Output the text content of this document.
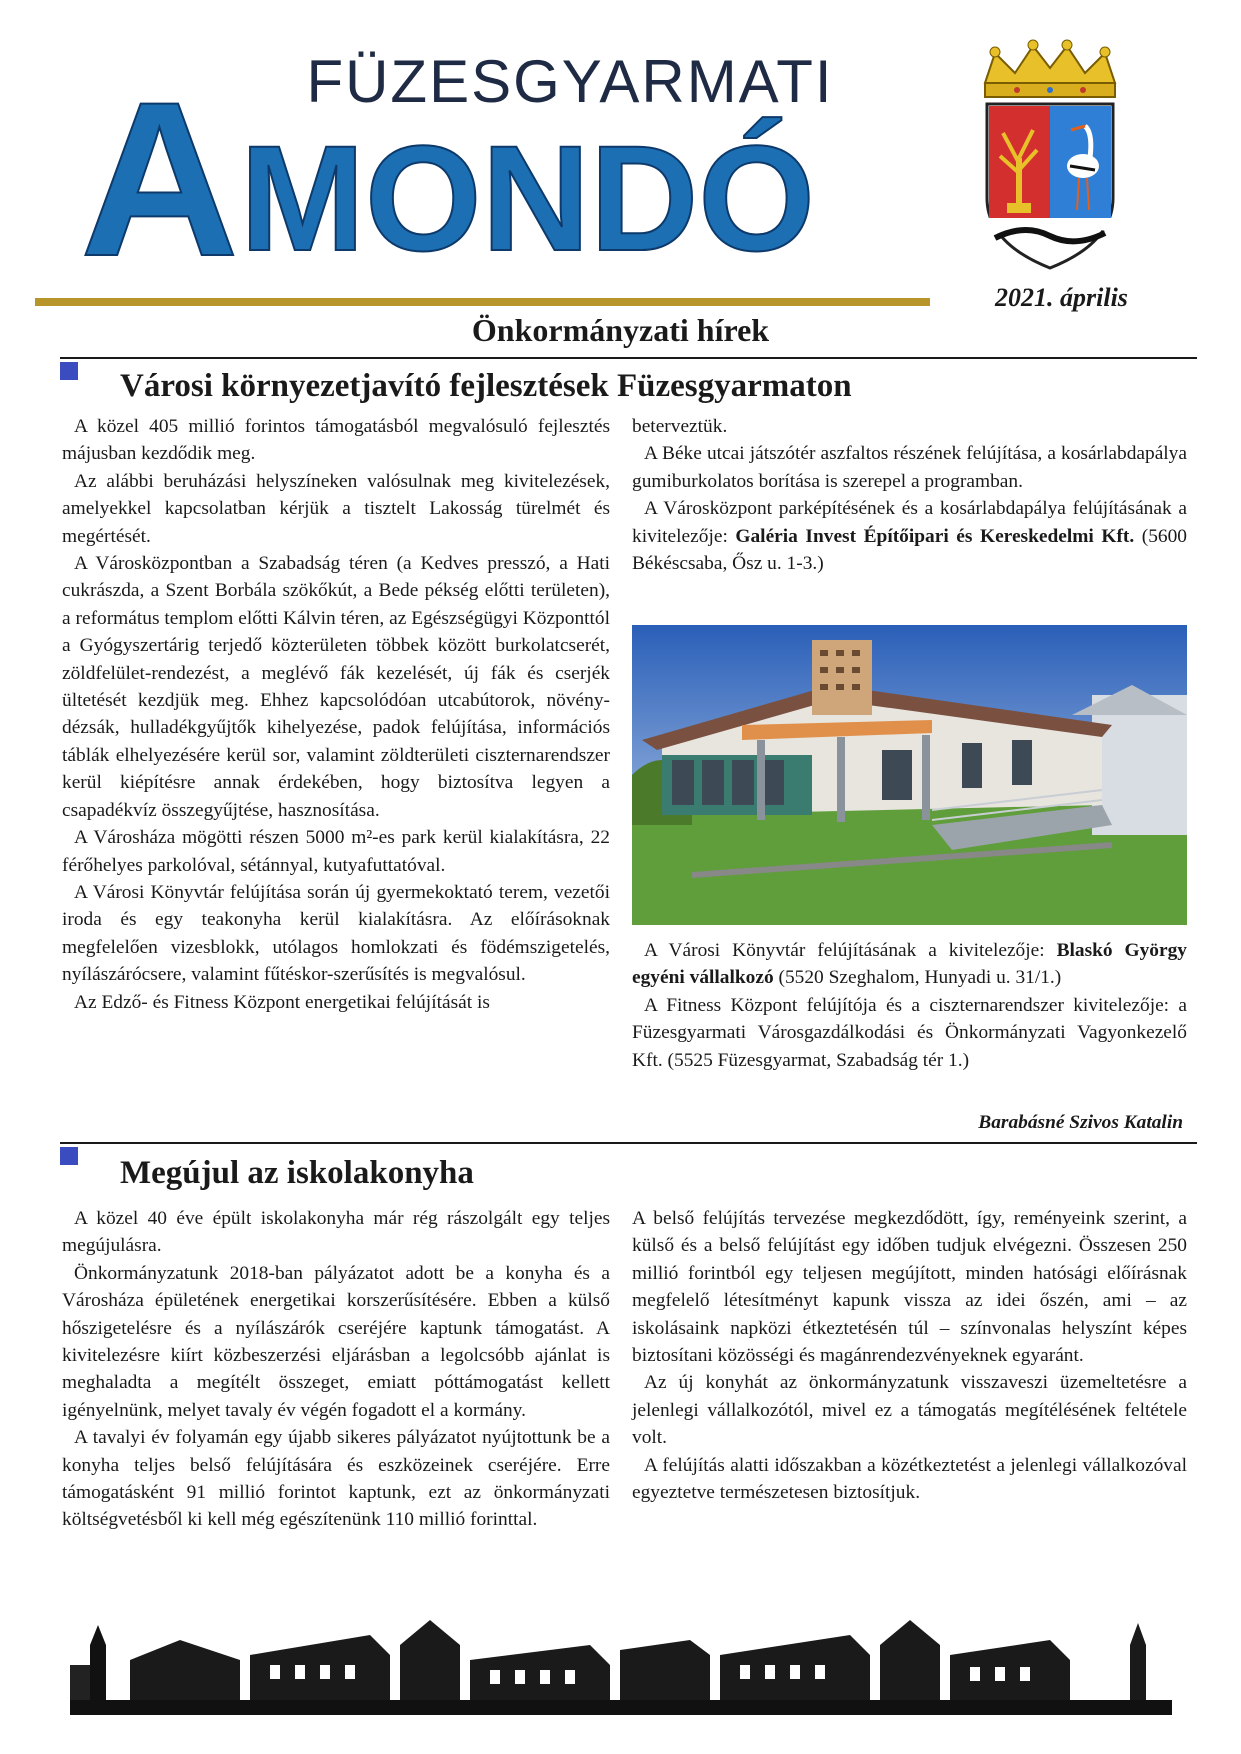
A MONDÓ
FÜZESGYARMATI
2021. április
Önkormányzati hírek
Városi környezetjavító fejlesztések Füzesgyarmaton

A közel 405 millió forintos támogatásból megvalósuló fejlesztés májusban kezdődik meg.

Az alábbi beruházási helyszíneken valósulnak meg kivitelezések, amelyekkel kapcsolatban kérjük a tisztelt Lakosság türelmét és megértését.

A Városközpontban a Szabadság téren (a Kedves presszó, a Hati cukrászda, a Szent Borbála szökőkút, a Bede pékség előtti területen), a református templom előtti Kálvin téren, az Egészségügyi Központtól a Gyógyszertárig terjedő közterületen többek között burkolatcserét, zöldfelület-rendezést, a meglévő fák kezelését, új fák és cserjék ültetését kezdjük meg. Ehhez kapcsolódóan utcabútorok, növény-dézsák, hulladékgyűjtők kihelyezése, padok felújítása, információs táblák elhelyezésére kerül sor, valamint zöldterületi ciszternarendszer kerül kiépítésre annak érdekében, hogy biztosítva legyen a csapadékvíz összegyűjtése, hasznosítása.

A Városháza mögötti részen 5000 m²-es park kerül kialakításra, 22 férőhelyes parkolóval, sétánnyal, kutyafuttatóval.

A Városi Könyvtár felújítása során új gyermekoktató terem, vezetői iroda és egy teakonyha kerül kialakításra. Az előírásoknak megfelelően vizesblokk, utólagos homlokzati és födémszigetelés, nyílászárócsere, valamint fűtéskor-szerűsítés is megvalósul.

Az Edző- és Fitness Központ energetikai felújítását is

beterveztük.

A Béke utcai játszótér aszfaltos részének felújítása, a kosárlabdapálya gumiburkolatos borítása is szerepel a programban.

A Városközpont parképítésének és a kosárlabdapálya felújításának a kivitelezője: Galéria Invest Építőipari és Kereskedelmi Kft. (5600 Békéscsaba, Ősz u. 1-3.)

A Városi Könyvtár felújításának a kivitelezője: Blaskó György egyéni vállalkozó (5520 Szeghalom, Hunyadi u. 31/1.)

A Fitness Központ felújítója és a ciszternarendszer kivitelezője: a Füzesgyarmati Városgazdálkodási és Önkormányzati Vagyonkezelő Kft. (5525 Füzesgyarmat, Szabadság tér 1.)

Barabásné Szivos Katalin
Megújul az iskolakonyha

A közel 40 éve épült iskolakonyha már rég rászolgált egy teljes megújulásra.

Önkormányzatunk 2018-ban pályázatot adott be a konyha és a Városháza épületének energetikai korszerűsítésére. Ebben a külső hőszigetelésre és a nyílászárók cseréjére kaptunk támogatást. A kivitelezésre kiírt közbeszerzési eljárásban a legolcsóbb ajánlat is meghaladta a megítélt összeget, emiatt póttámogatást kellett igényelnünk, melyet tavaly év végén fogadott el a kormány.

A tavalyi év folyamán egy újabb sikeres pályázatot nyújtottunk be a konyha teljes belső felújítására és eszközeinek cseréjére. Erre támogatásként 91 millió forintot kaptunk, ezt az önkormányzati költségvetésből ki kell még egészítenünk 110 millió forinttal.

A belső felújítás tervezése megkezdődött, így, reményeink szerint, a külső és a belső felújítást egy időben tudjuk elvégezni. Összesen 250 millió forintból egy teljesen megújított, minden hatósági előírásnak megfelelő létesítményt kapunk vissza az idei őszén, ami – az iskolásaink napközi étkeztetésén túl – színvonalas helyszínt képes biztosítani közösségi és magánrendezvényeknek egyaránt.

Az új konyhát az önkormányzatunk visszaveszi üzemeltetésre a jelenlegi vállalkozótól, mivel ez a támogatás megítélésének feltétele volt.

A felújítás alatti időszakban a közétkeztetést a jelenlegi vállalkozóval egyeztetve természetesen biztosítjuk.
